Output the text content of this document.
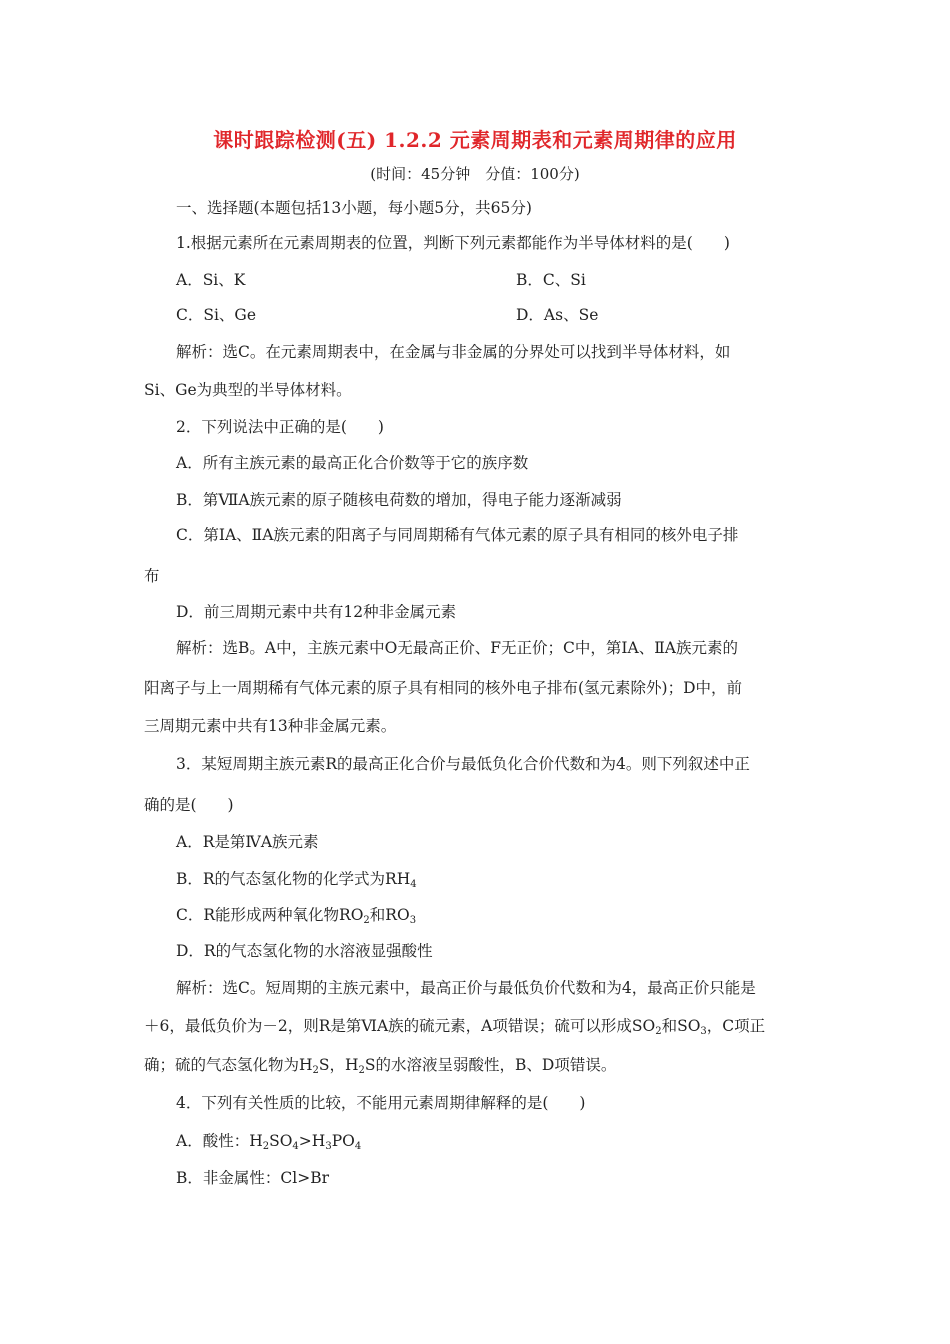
课时跟踪检测(五) 1.2.2 元素周期表和元素周期律的应用
(时间：45分钟　分值：100分)
一、选择题(本题包括13小题，每小题5分，共65分)
1.根据元素所在元素周期表的位置，判断下列元素都能作为半导体材料的是(　　)
A．Si、K	B．C、Si
C．Si、Ge	D．As、Se
解析：选C。在元素周期表中，在金属与非金属的分界处可以找到半导体材料，如
Si、Ge为典型的半导体材料。
2．下列说法中正确的是(　　)
A．所有主族元素的最高正化合价数等于它的族序数
B．第ⅦA族元素的原子随核电荷数的增加，得电子能力逐渐减弱
C．第ⅠA、ⅡA族元素的阳离子与同周期稀有气体元素的原子具有相同的核外电子排
布
D．前三周期元素中共有12种非金属元素
解析：选B。A中，主族元素中O无最高正价、F无正价；C中，第ⅠA、ⅡA族元素的
阳离子与上一周期稀有气体元素的原子具有相同的核外电子排布(氢元素除外)；D中，前
三周期元素中共有13种非金属元素。
3．某短周期主族元素R的最高正化合价与最低负化合价代数和为4。则下列叙述中正
确的是(　　)
A．R是第ⅣA族元素
B．R的气态氢化物的化学式为$RH_4$
C．R能形成两种氧化物$RO_2$和$RO_3$
D．R的气态氢化物的水溶液显强酸性
解析：选C。短周期的主族元素中，最高正价与最低负价代数和为4，最高正价只能是
＋6，最低负价为－2，则R是第ⅥA族的硫元素，A项错误；硫可以形成$SO_2$和$SO_3$，C项正
确；硫的气态氢化物为$H_2S$，$H_2S$的水溶液呈弱酸性，B、D项错误。
4．下列有关性质的比较，不能用元素周期律解释的是(　　)
A．酸性：$H_2SO_4>H_3PO_4$
B．非金属性：Cl>Br
